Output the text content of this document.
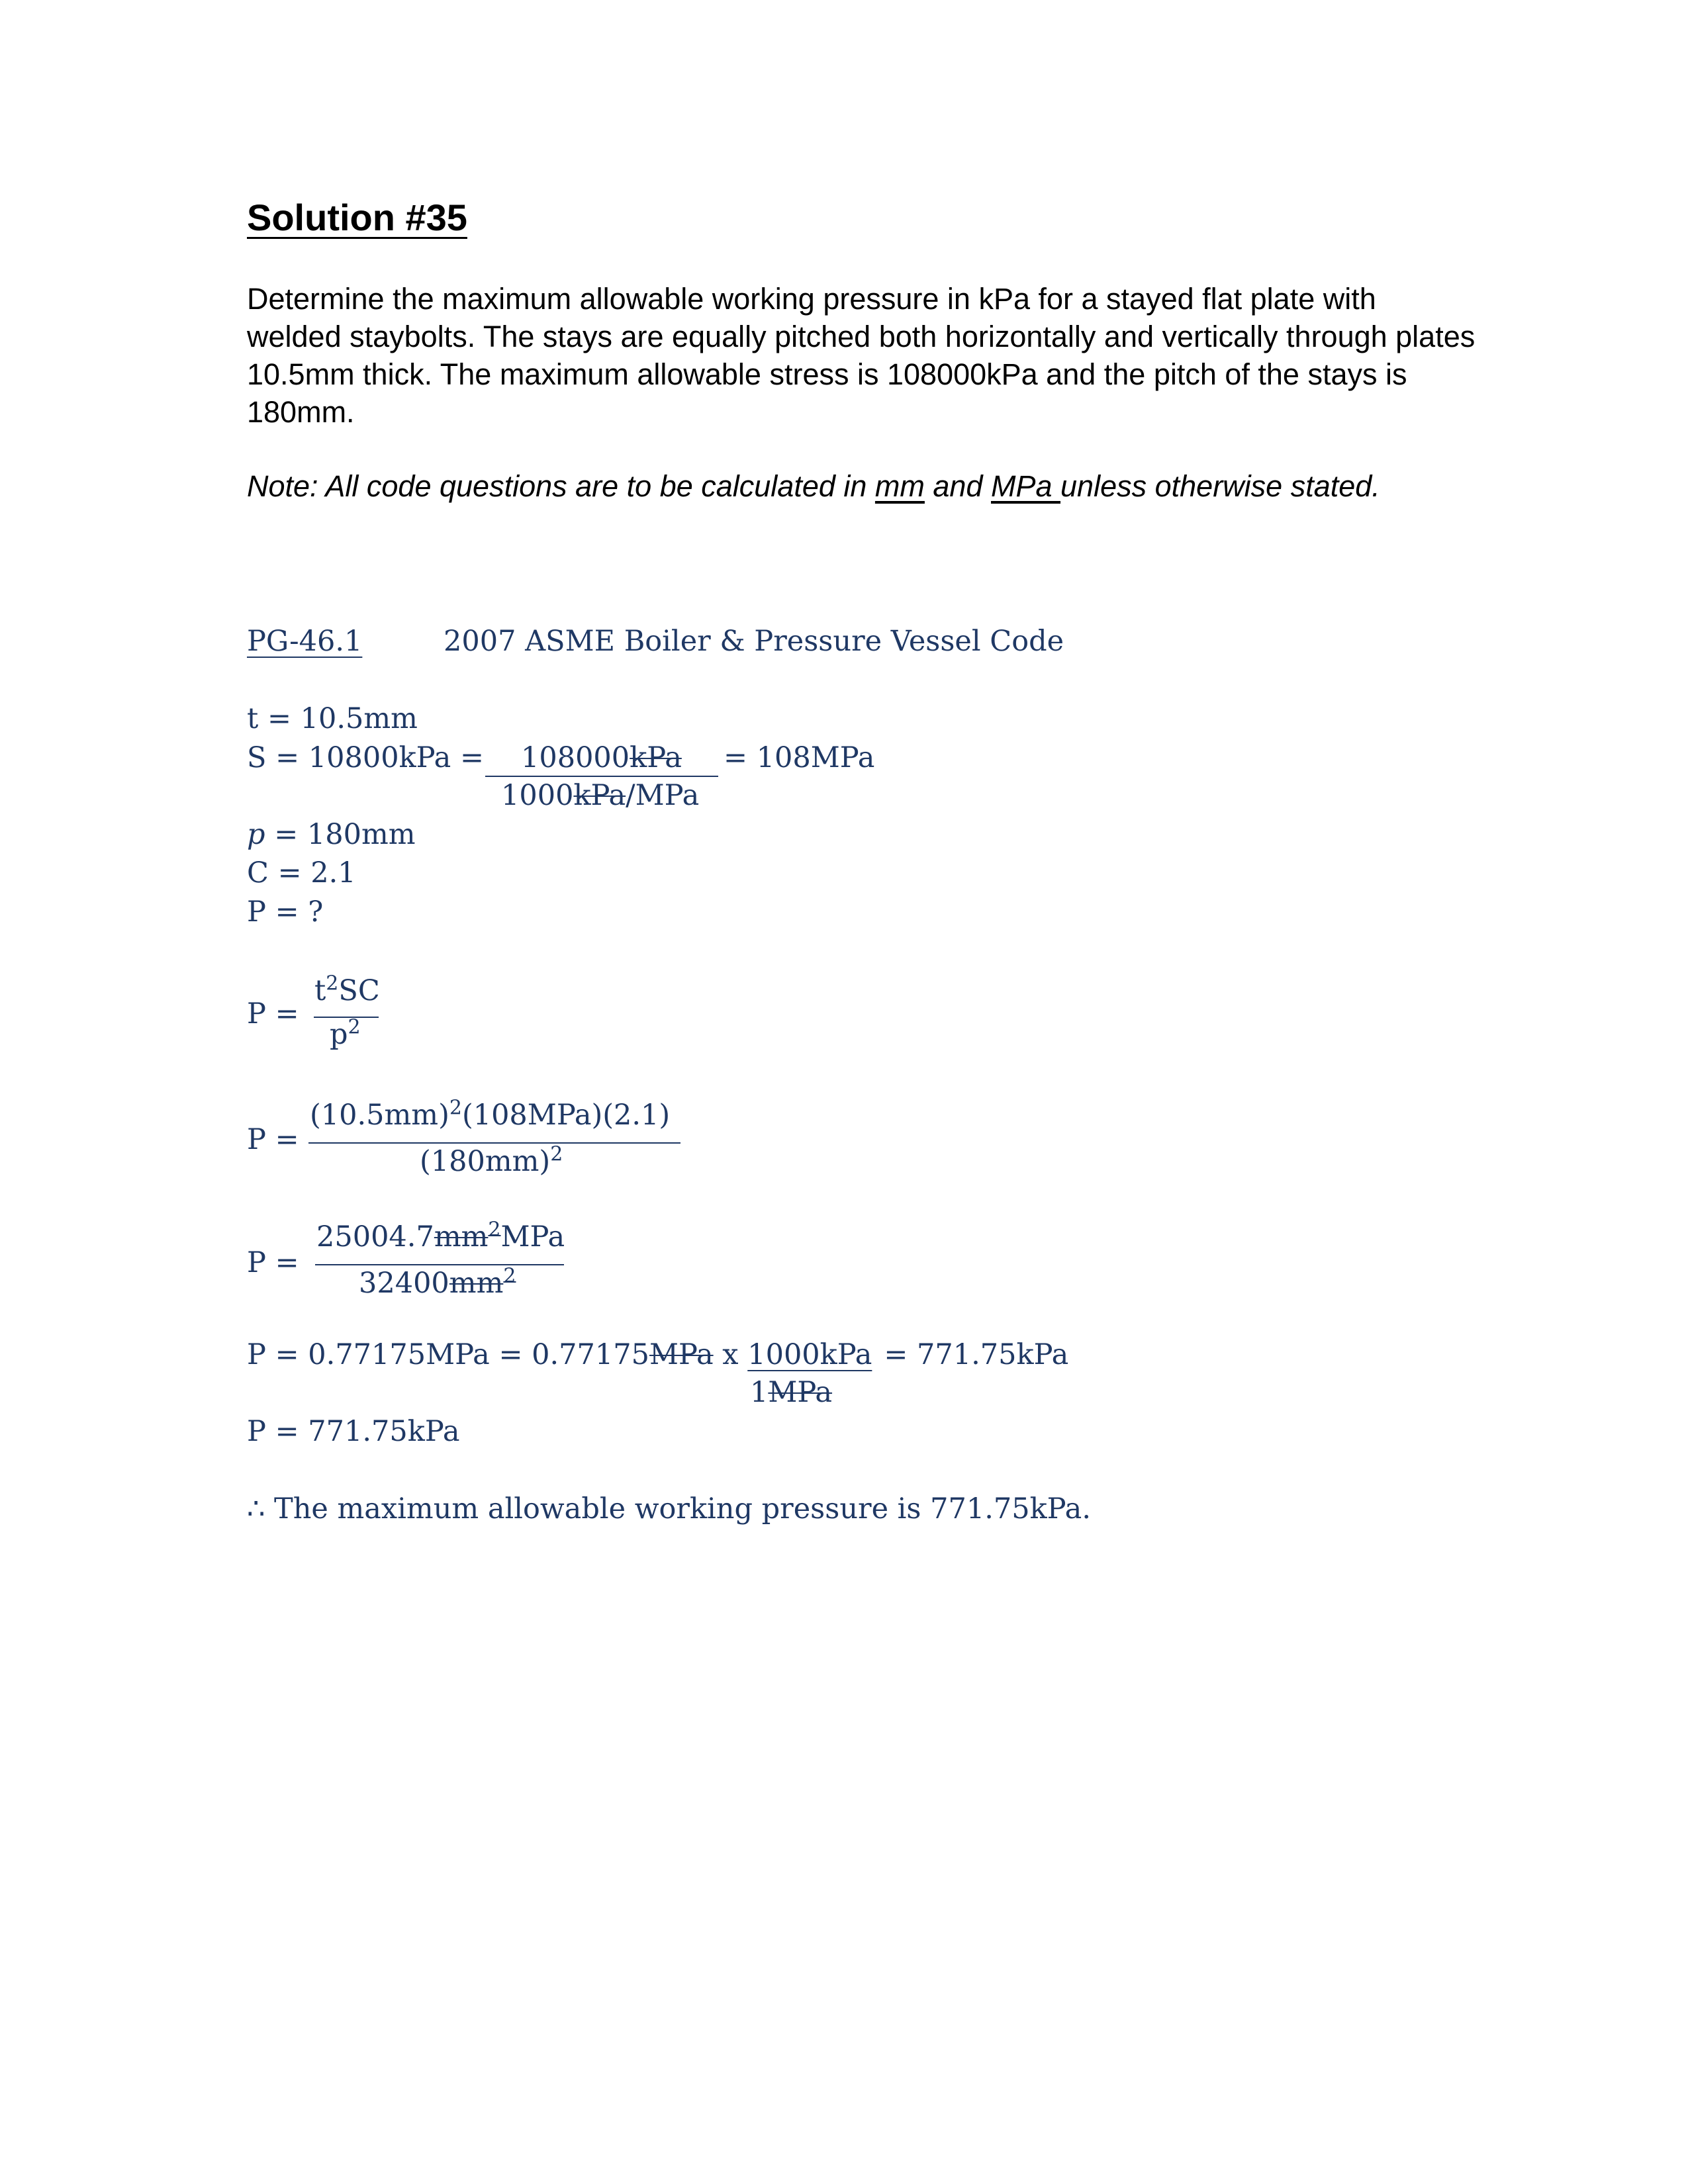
Solution #35
Determine the maximum allowable working pressure in kPa for a stayed flat plate with welded staybolts. The stays are equally pitched both horizontally and vertically through plates 10.5mm thick. The maximum allowable stress is 108000kPa and the pitch of the stays is 180mm.
Note: All code questions are to be calculated in mm and MPa unless otherwise stated.
PG-46.1	2007 ASME Boiler & Pressure Vessel Code
t = 10.5mm
S = 10800kPa = 108000kPa = 108MPa
1000kPa/MPa
p = 180mm
C = 2.1
P = ?
P =
$t^2SC$
$p^2$
P =
$(10.5mm)^2(108MPa)(2.1)$
$(180mm)^2$
P =
$25004.7mm^2MPa$
$32400mm^2$
P = 0.77175MPa = 0.77175MPa x 1000kPa = 771.75kPa
1MPa
P = 771.75kPa
∴ The maximum allowable working pressure is 771.75kPa.
